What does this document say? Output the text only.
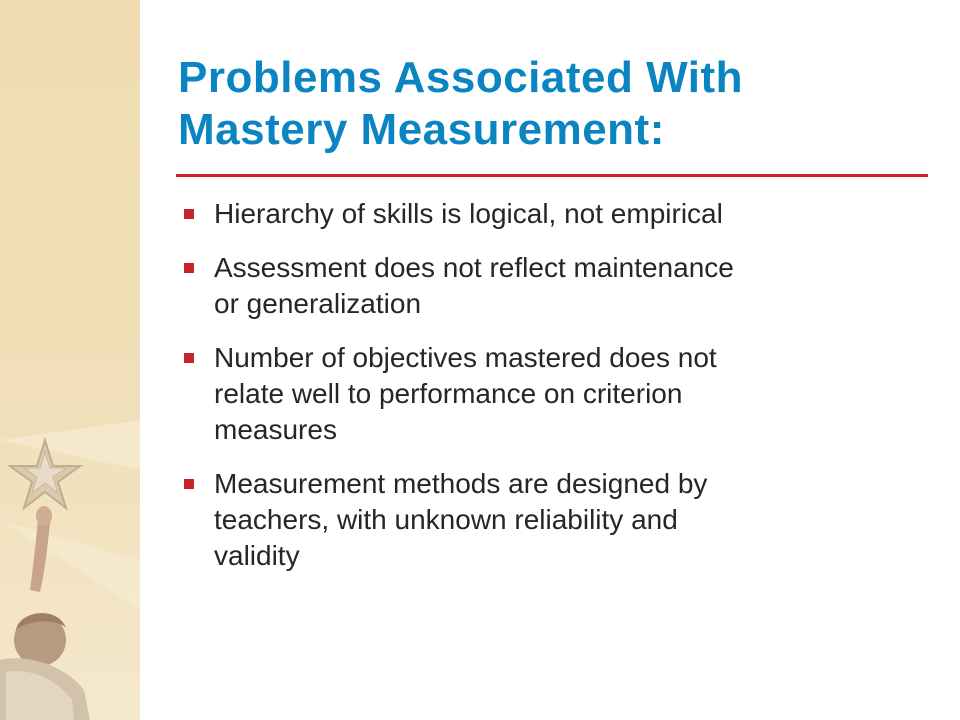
Problems Associated With
Mastery Measurement:
Hierarchy of skills is logical, not empirical
Assessment does not reflect maintenance
or generalization
Number of objectives mastered does not
relate well to performance on criterion
measures
Measurement methods are designed by
teachers, with unknown reliability and
validity
